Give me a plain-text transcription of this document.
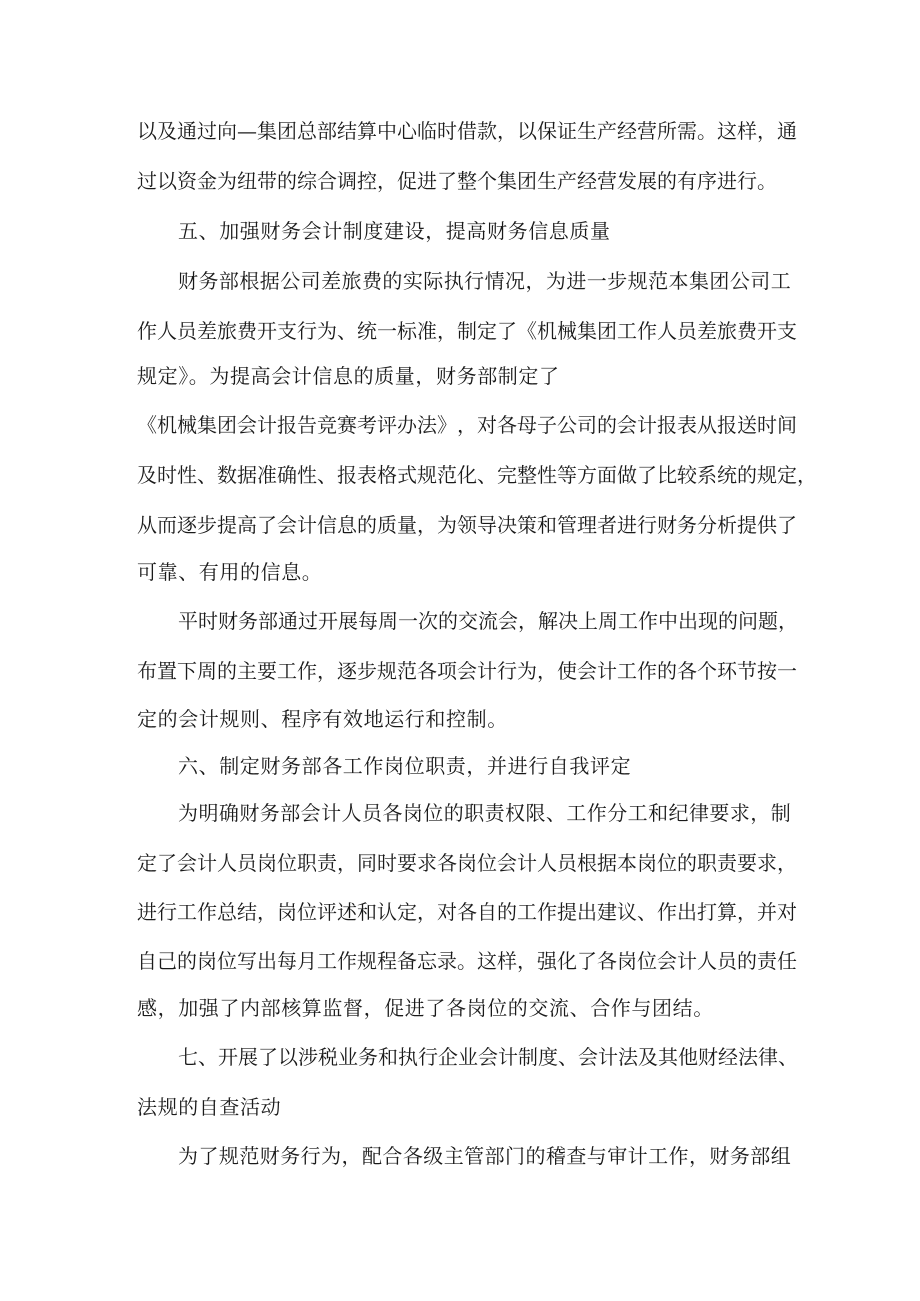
以 及 通 过 向 — 集 团 总 部 结 算 中 心 临 时 借 款 ， 以 保 证 生 产 经 营 所 需 。 这 样 ， 通
过 以 资 金 为 纽 带 的 综 合 调 控 ， 促 进 了 整 个 集 团 生 产 经 营 发 展 的 有 序 进 行 。
五、加强财务会计制度建设，提高财务信息质量
财 务 部 根 据 公 司 差 旅 费 的 实 际 执 行 情 况 ， 为 进 一 步 规 范 本 集 团 公 司 工
作 人 员 差 旅 费 开 支 行 为 、 统 一 标 准 ， 制 定 了 《 机 械 集 团 工 作 人 员 差 旅 费 开 支
规定》。为提高会计信息的质量，财务部制定了
《 机 械 集 团 会 计 报 告 竞 赛 考 评 办 法 》 ， 对 各 母 子 公 司 的 会 计 报 表 从 报 送 时 间
及 时 性 、 数 据 准 确 性 、 报 表 格 式 规 范 化 、 完 整 性 等 方 面 做 了 比 较 系 统 的 规 定 ，
从 而 逐 步 提 高 了 会 计 信 息 的 质 量 ， 为 领 导 决 策 和 管 理 者 进 行 财 务 分 析 提 供 了
可靠、有用的信息。
平 时 财 务 部 通 过 开 展 每 周 一 次 的 交 流 会 ， 解 决 上 周 工 作 中 出 现 的 问 题 ，
布 置 下 周 的 主 要 工 作 ， 逐 步 规 范 各 项 会 计 行 为 ， 使 会 计 工 作 的 各 个 环 节 按 一
定的会计规则、程序有效地运行和控制。
六、制定财务部各工作岗位职责，并进行自我评定
为 明 确 财 务 部 会 计 人 员 各 岗 位 的 职 责 权 限 、 工 作 分 工 和 纪 律 要 求 ， 制
定 了 会 计 人 员 岗 位 职 责 ， 同 时 要 求 各 岗 位 会 计 人 员 根 据 本 岗 位 的 职 责 要 求 ，
进 行 工 作 总 结 ， 岗 位 评 述 和 认 定 ， 对 各 自 的 工 作 提 出 建 议 、 作 出 打 算 ， 并 对
自 己 的 岗 位 写 出 每 月 工 作 规 程 备 忘 录 。 这 样 ， 强 化 了 各 岗 位 会 计 人 员 的 责 任
感，加强了内部核算监督，促进了各岗位的交流、合作与团结。
七 、 开 展 了 以 涉 税 业 务 和 执 行 企 业 会 计 制 度 、 会 计 法 及 其 他 财 经 法 律 、
法规的自查活动
为 了 规 范 财 务 行 为 ， 配 合 各 级 主 管 部 门 的 稽 查 与 审 计 工 作 ， 财 务 部 组
